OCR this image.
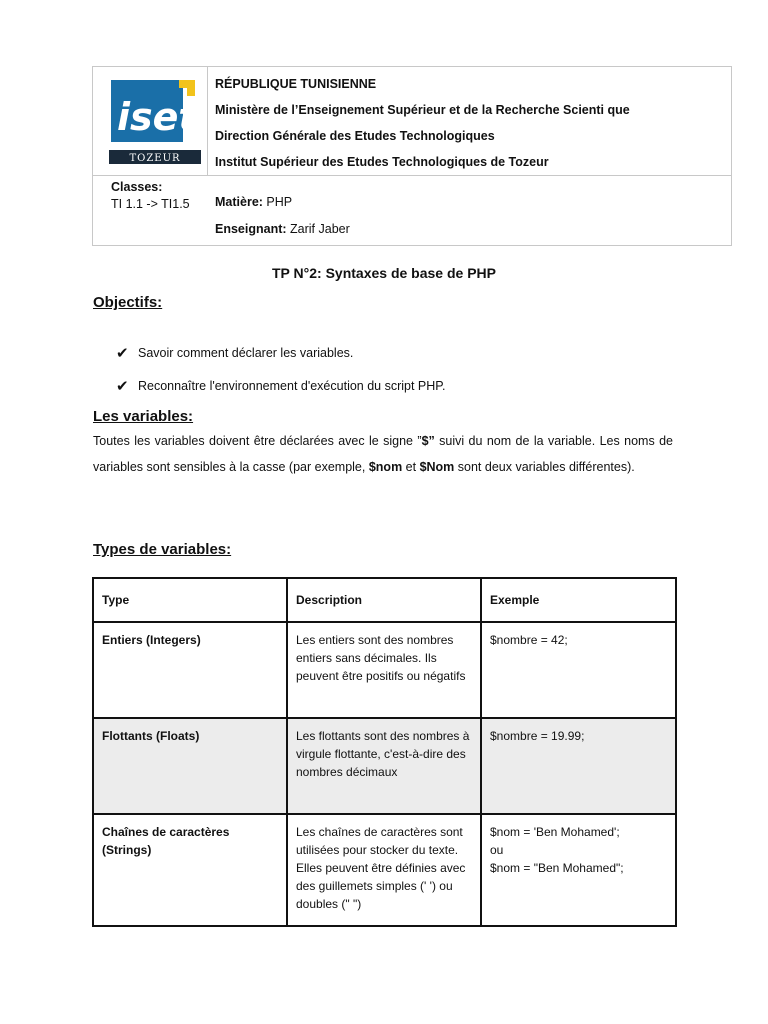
iset
TOZEUR
RÉPUBLIQUE TUNISIENNE
Ministère de l’Enseignement Supérieur et de la Recherche Scienti que
Direction Générale des Etudes Technologiques
Institut Supérieur des Etudes Technologiques de Tozeur
Classes:
TI 1.1 -> TI1.5 Matière: PHP
Enseignant: Zarif Jaber
TP N°2: Syntaxes de base de PHP
Objectifs:
✔ Savoir comment déclarer les variables.
✔ Reconnaître l'environnement d'exécution du script PHP.
Les variables:
Toutes les variables doivent être déclarées avec le signe ”$” suivi du nom de la variable. Les noms de variables sont sensibles à la casse (par exemple, $nom et $Nom sont deux variables différentes).
Types de variables:
Type	Description	Exemple
Entiers (Integers)	Les entiers sont des nombres entiers sans décimales. Ils peuvent être positifs ou négatifs	$nombre = 42;
Flottants (Floats)	Les flottants sont des nombres à virgule flottante, c'est-à-dire des nombres décimaux	$nombre = 19.99;
Chaînes de caractères (Strings)	Les chaînes de caractères sont utilisées pour stocker du texte. Elles peuvent être définies avec des guillemets simples (' ') ou doubles (" ")	$nom = 'Ben Mohamed';
ou
$nom = "Ben Mohamed";
